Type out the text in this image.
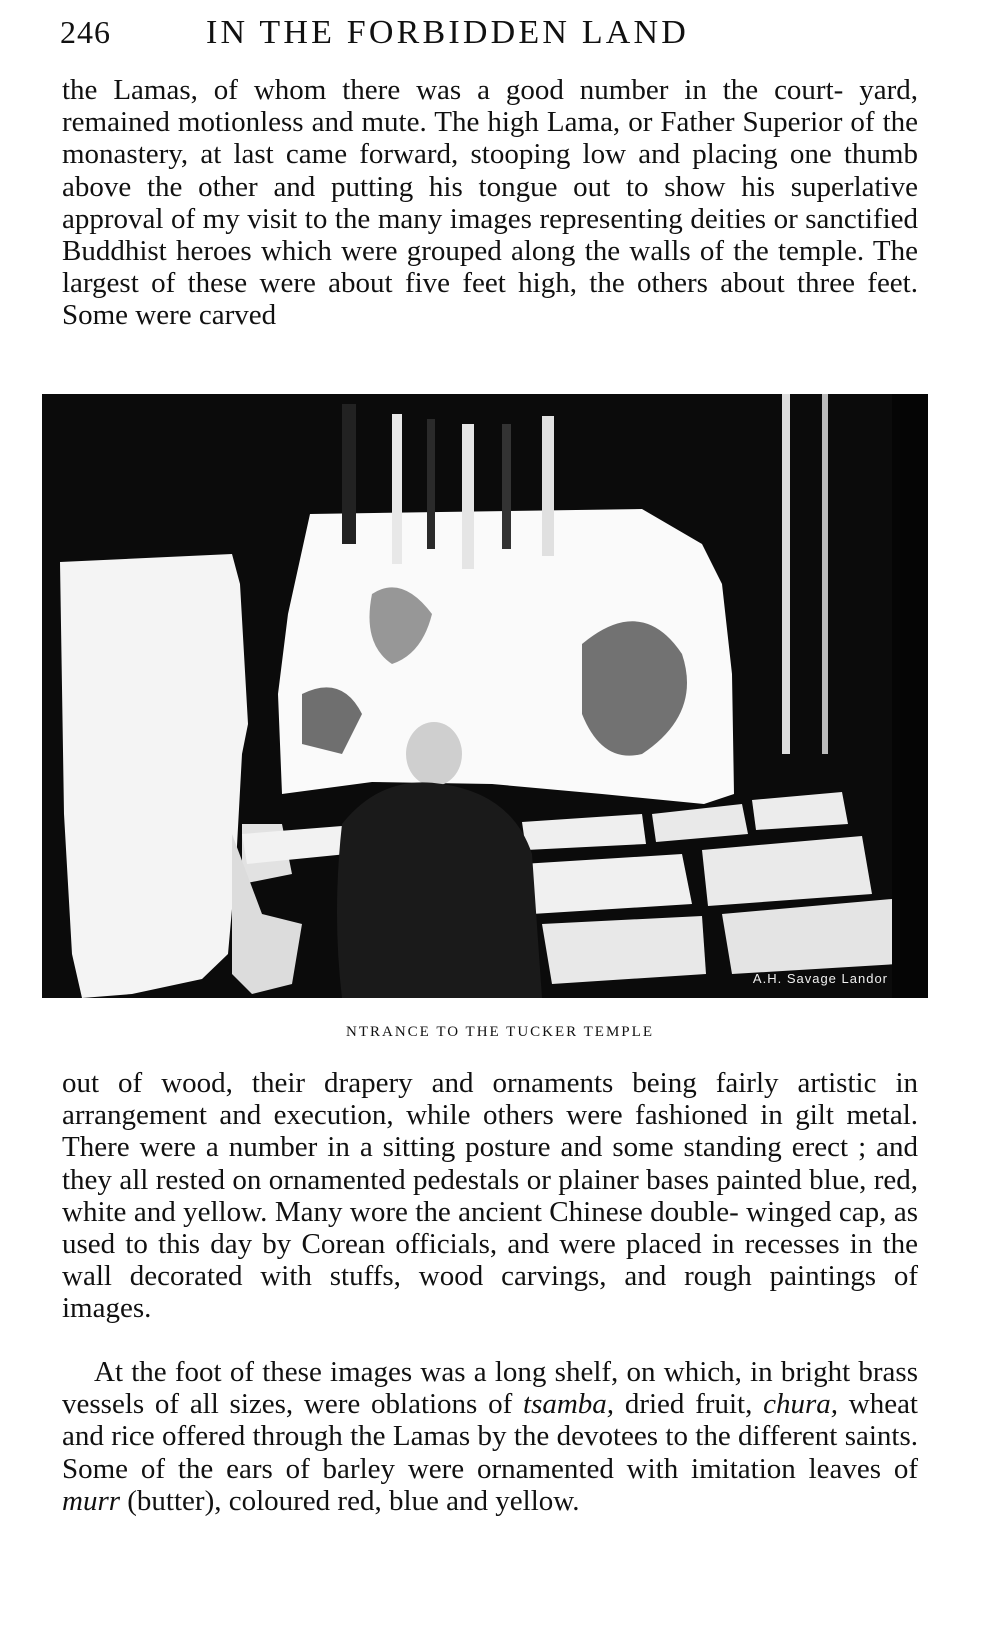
246	IN THE FORBIDDEN LAND

the Lamas, of whom there was a good number in the court- yard, remained motionless and mute. The high Lama, or Father Superior of the monastery, at last came forward, stooping low and placing one thumb above the other and putting his tongue out to show his superlative approval of my visit to the many images representing deities or sanctified Buddhist heroes which were grouped along the walls of the temple. The largest of these were about five feet high, the others about three feet. Some were carved

A.H. Savage Landor
NTRANCE TO THE TUCKER TEMPLE

out of wood, their drapery and ornaments being fairly artistic in arrangement and execution, while others were fashioned in gilt metal. There were a number in a sitting posture and some standing erect ; and they all rested on ornamented pedestals or plainer bases painted blue, red, white and yellow. Many wore the ancient Chinese double- winged cap, as used to this day by Corean officials, and were placed in recesses in the wall decorated with stuffs, wood carvings, and rough paintings of images.

At the foot of these images was a long shelf, on which, in bright brass vessels of all sizes, were oblations of tsamba, dried fruit, chura, wheat and rice offered through the Lamas by the devotees to the different saints. Some of the ears of barley were ornamented with imitation leaves of murr (butter), coloured red, blue and yellow.
